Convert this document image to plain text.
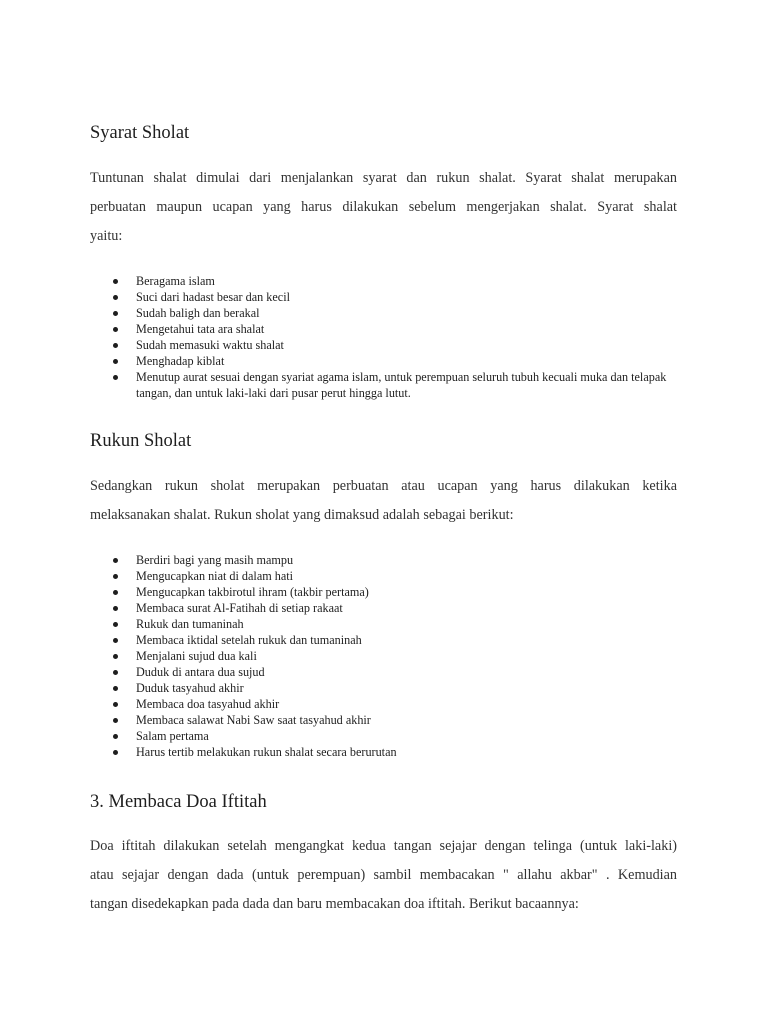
Syarat Sholat

Tuntunan shalat dimulai dari menjalankan syarat dan rukun shalat. Syarat shalat merupakan
perbuatan maupun ucapan yang harus dilakukan sebelum mengerjakan shalat. Syarat shalat
yaitu:

Beragama islam
Suci dari hadast besar dan kecil
Sudah baligh dan berakal
Mengetahui tata ara shalat
Sudah memasuki waktu shalat
Menghadap kiblat
Menutup aurat sesuai dengan syariat agama islam, untuk perempuan seluruh tubuh kecuali muka dan telapak tangan, dan untuk laki-laki dari pusar perut hingga lutut.
Rukun Sholat

Sedangkan rukun sholat merupakan perbuatan atau ucapan yang harus dilakukan ketika
melaksanakan shalat. Rukun sholat yang dimaksud adalah sebagai berikut:

Berdiri bagi yang masih mampu
Mengucapkan niat di dalam hati
Mengucapkan takbirotul ihram (takbir pertama)
Membaca surat Al-Fatihah di setiap rakaat
Rukuk dan tumaninah
Membaca iktidal setelah rukuk dan tumaninah
Menjalani sujud dua kali
Duduk di antara dua sujud
Duduk tasyahud akhir
Membaca doa tasyahud akhir
Membaca salawat Nabi Saw saat tasyahud akhir
Salam pertama
Harus tertib melakukan rukun shalat secara berurutan
3. Membaca Doa Iftitah

Doa iftitah dilakukan setelah mengangkat kedua tangan sejajar dengan telinga (untuk laki-laki)
atau sejajar dengan dada (untuk perempuan) sambil membacakan " allahu akbar" . Kemudian
tangan disedekapkan pada dada dan baru membacakan doa iftitah. Berikut bacaannya:
